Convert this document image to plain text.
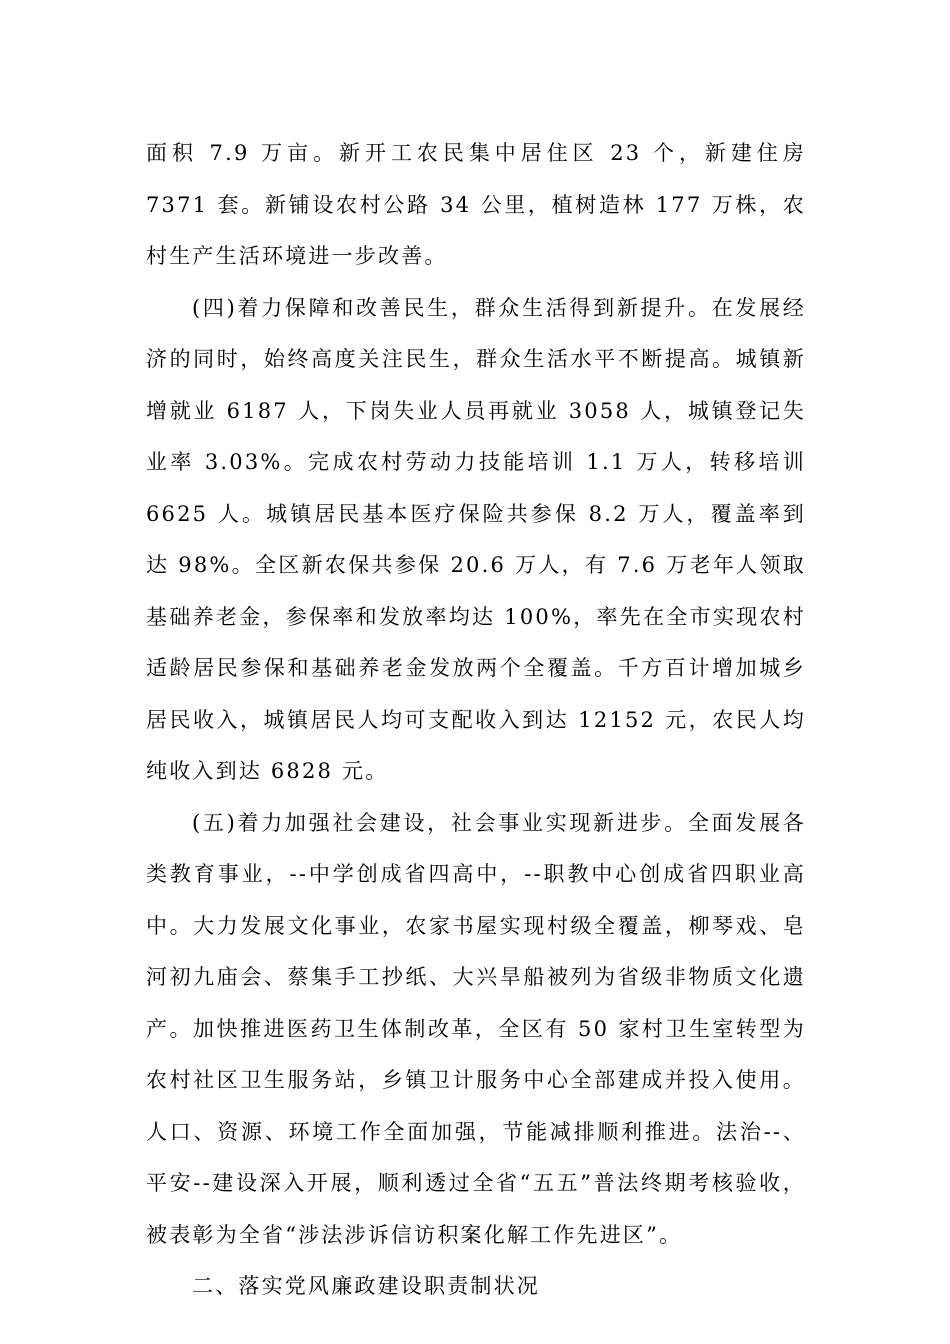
面积 7.9 万亩。新开工农民集中居住区 23 个，新建住房 7371 套。新铺设农村公路 34 公里，植树造林 177 万株，农村生产生活环境进一步改善。

(四)着力保障和改善民生，群众生活得到新提升。在发展经济的同时，始终高度关注民生，群众生活水平不断提高。城镇新增就业 6187 人，下岗失业人员再就业 3058 人，城镇登记失业率 3.03%。完成农村劳动力技能培训 1.1 万人，转移培训 6625 人。城镇居民基本医疗保险共参保 8.2 万人，覆盖率到达 98%。全区新农保共参保 20.6 万人，有 7.6 万老年人领取基础养老金，参保率和发放率均达 100%，率先在全市实现农村适龄居民参保和基础养老金发放两个全覆盖。千方百计增加城乡居民收入，城镇居民人均可支配收入到达 12152 元，农民人均纯收入到达 6828 元。

(五)着力加强社会建设，社会事业实现新进步。全面发展各类教育事业，--中学创成省四高中，--职教中心创成省四职业高中。大力发展文化事业，农家书屋实现村级全覆盖，柳琴戏、皂河初九庙会、蔡集手工抄纸、大兴旱船被列为省级非物质文化遗产。加快推进医药卫生体制改革，全区有 50 家村卫生室转型为农村社区卫生服务站，乡镇卫计服务中心全部建成并投入使用。人口、资源、环境工作全面加强，节能减排顺利推进。法治--、平安--建设深入开展，顺利透过全省“五五”普法终期考核验收，被表彰为全省“涉法涉诉信访积案化解工作先进区”。

二、落实党风廉政建设职责制状况
